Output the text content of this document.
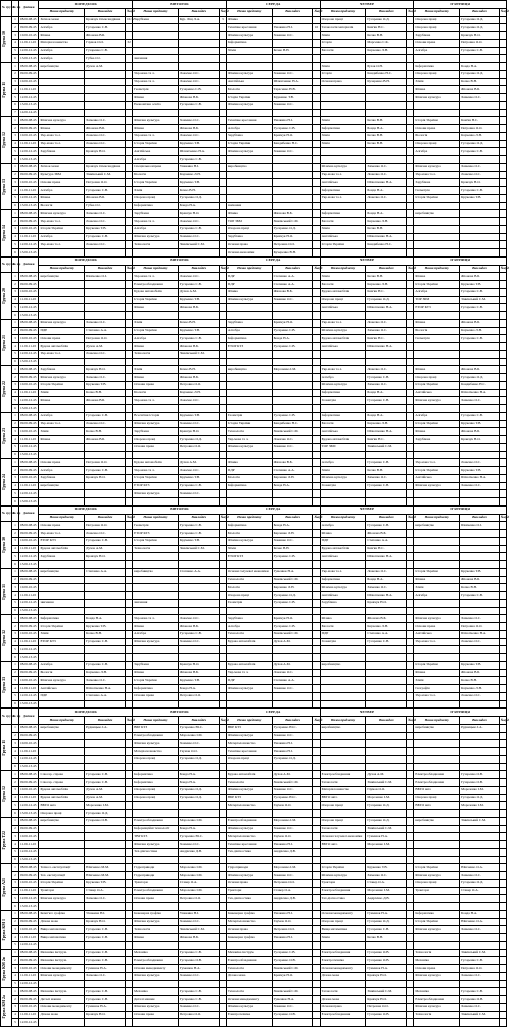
№ групи	№ пр	Дзвінки	ПОНЕДІЛОК			ВІВТОРОК			СЕРЕДА			ЧЕТВЕР			П'ЯТНИЦЯ		
			Назва предмету	Викладач	№ауд	Назва предмету	Викладач	№ауд	Назва предмету	Викладач	№ауд	Назва предмету	Викладач	№ауд	Назва предмету	Викладач	№ауд

Група 10	1	08.00-08.45	Зв'язок мови	Кравчук Олександрівна	10.32	Зарубіжна	Кур. Ліщ Л.А.	3	Фізика			Охорона праці	Гусаренко О.Д.		Охорона праці	Гусаренко О.Д.	
	2	09.00-09.45	Алгебра	Гусаренко С.В.					Технічне креслення	Ушакина Н.І.	10	Технологія матеріалів	Кам'ян Н.С.		Охорона праці	Гусаренко О.Д.	
	3	10.00-10.45	Фізика	Жіонова В.Б.					Фізична культура	Хаменко О.С.		Хімія	Кочко В.Н.		Зарубіжна	Кравчук Н.О.	
	4	11.00-11.45	Матеріалознавство	Гаумов О.О.	32				Інформатика			Історія	Марсенко С.К.		Основи права	Петровна О.О.	
	5	12.00-12.45	Алгебра	Гузаренко С.В.					Хімія	Кочко В.Н.		Біологія	Карченко Л.Н.		Алгебра	Гусаренко С.В.	
	6	13.00-13.45	Алгебра	Губка О.І.		звичання											

Група 11	1	08.00-08.45	виробництво	Духов А.М.								Хімія	Бузак О.Н.		Інформатика	Бонда Н.А.	
	2	09.00-09.45				Укр.мова та л.	Ложечко О.С.		Фізична культура	Хаменко О.С.		Історія	Кандибенко Н.С.		Охорона праці	Гусаренко О.Д.	
	3	10.00-10.45				Укр.мова та л.	Ложечко О.С.		Англійська	Шлюпченко Н.А.		Основи права	Кучеренко В.Н.		Хімія	Кочко В.Н.	
	4	11.00-11.45				Геометрія	Гузаренко С.В.		Біологія	Тарасенко Н.В.					Фізика	Жіонова В.Б.	
	5	12.00-12.45				Фізика	Жіонова В.Б.		Історія України	Крукенко Т.В.					Фізична культура	Хаменко О.С.	
	6	13.00-13.45				Економічна освіта	Гусаренко С.В.		Фізична культура	Хаменко О.С.							
	7	14.00-14.45															

Група 12	1	08.00-08.45	Фізична культура	Хаменко О.С.		Фізична культура	Хаменко О.С.		Технічне креслення	Ушакина Н.І.		Хімія	Кочко В.Н.		Історія України	Кам'ян Н.С.	
	2	09.00-09.45	Фізика	Жіонова В.Б.		Фізика	Жіонова В.Б.		Алгебра	Гусаренко С.В.		Інформатика	Бонда Н.А.		Основи права	Петровна О.О.	
	3	10.00-10.45	Укр.мова та л.	Ложечко О.С.		Укр.мова та л.	Ложечко О.С.		Зарубіжна	Кравчук Н.О.		Хімія	Кочко В.Н.		Біологія	Карченко Л.Н.	
	4	11.00-11.45	Укр.мова та л.	Ложечко О.С.		Історія України	Крукенко Т.В.		Історія України	Кандибенко Н.С.		Хімія	Кочко В.Н.		Охорона праці	Гусаренко О.Д.	
	5	12.00-12.45	Зарубіжна	Кравчук Н.О.		Англійська	Шлюпченко Н.А.		Фізична культура	Хаменко О.С.					Алгебра	Гусаренко С.В.	
	6	13.00-13.45				Алгебра	Гусаренко С.В.										

Група 13	1	08.00-08.45	Зв'язок мови	Кравчук Олександрівна		Спеціальна вправа	Ушакина Н.І.		виробництво			Фізична культура	Хаменко О.С.		Фізична культура	Хаменко О.С.	
	2	09.00-09.45	Культура ЗБМ	Зінківський С.М.		Біологія	Карченко Л.Н.					Укр.мова та л.	Ложечко О.С.		Укр.мова та л.	Ложечко О.С.	
	3	10.00-10.45	Основи права	Петровна О.О.		Історія України	Крукенко Т.В.					Англійська	Шлюпченко Н.А.		Зарубіжна	Кравчук Н.О.	
	4	11.00-11.45	Алгебра	Гусаренко С.В.		Хімія	Кочко В.Н.					Інформатика	Бонда Н.А.		Геометрія	Гусаренко С.В.	
	5	12.00-12.45	Фізика	Жіонова В.Б.		Охорона праці	Гусаренко О.Д.					Укр.мова та л.	Ложечко О.С.		Історія України	Крукенко Т.В.	
	6	13.00-13.45	Біологія	Губка О.І.		Інформатика	Бонда Н.А.		звичання								

Група 14	1	08.00-08.45	Фізична культура	Хаменко О.С.		Зарубіжна	Кравчук Н.О.		Фізика	Жіонова В.Б.		Інформатика	Бонда Н.А.		виробництво		
	2	09.00-09.45	Укр.мова та л.	Ложечко О.С.		Укр.мова та л.	Ложечко О.С.		ТОР ЗБМ	Зінківський С.М.		Біологія	Карченко Л.Н.				
	3	10.00-10.45	Історія України	Крукенко Т.В.		Алгебра	Гусаренко С.В.		Охорона праці	Гусаренко О.Д.		Хімія	Кочко В.Н.				
	4	11.00-11.45	Алгебра	Гусаренко С.В.		Фізична культура	Хаменко О.С.		Зарубіжна	Кравчук Н.О.		Англійська	Шлюпченко Н.А.				
	5	12.00-12.45	Укр.мова та л.	Ложечко О.С.		Технологія	Зінківський С.М.		Основи права	Петровна О.О.		Історія України	Кандибенко Н.С.				
	6	13.00-13.45							Основи економіки	Кучеренко В.Н.							
№ групи	№ пр	Дзвінки	ПОНЕДІЛОК			ВІВТОРОК			СЕРЕДА			ЧЕТВЕР			П'ЯТНИЦЯ		
			Назва предмету	Викладач	№ауд	Назва предмету	Викладач	№ауд	Назва предмету	Викладач	№ауд	Назва предмету	Викладач	№ауд	Назва предмету	Викладач	№ауд

Група 20	1	08.00-08.45	виробництво	Шевченко О.І.		Укр.мова та л.	Ложечко О.С.		ПДР	Степанко А.А.		Хімія	Кочко В.Н.		Фізика	Жіонова В.Б.	
	2	09.00-09.45				Електрообладнання	Гусаренко С.В.		ПДР	Степанко А.А.		Біологія	Карченко Л.Н.		Історія України	Крукенко Т.В.	
	3	10.00-10.45				Будова автомобілів	Духов А.М.		Фізика	Жіонова В.Б.		Будова автомобілів	Кам'ян Н.С.		Алгебра	Гусаренко С.В.	
	4	11.00-11.45				Історія України	Крукенко Т.В.		Фізична культура	Хаменко О.С.		Охорона праці	Гусаренко О.Д.		ТОР ЗБМ	Зінківський С.М.	
	5	12.00-12.45				Фізика	Жіонова В.Б.					Англійська	Шлюпченко Н.А.		ЕТОР КТЗ	Гусаренко С.В.	
	6	13.00-13.45															

Група 21	1	08.00-08.45	Фізична культура	Хаменко О.С.		Хімія	Кочко В.Н.		Зарубіжна	Кравчук Н.О.		Укр.мова та л.	Ложечко О.С.		Фізика	Жіонова В.Б.	
	2	09.00-09.45	ПДР	Степанко А.А.		Історія України	Крукенко Т.В.		Алгебра	Гусаренко С.В.		Фізична культура	Хаменко О.С.		Біологія	Карченко Л.Н.	
	3	10.00-10.45	Основи права	Петровна О.О.		Алгебра	Гусаренко С.В.		Інформатика	Бонда Н.А.		Будова автомобілів	Кам'ян Н.С.		Геометрія	Гусаренко С.В.	
	4	11.00-11.45	Будова автомобілів	Духов А.М.		Фізика	Жіонова В.Б.		ЕТОР КТЗ	Гусаренко С.В.		Англійська	Шлюпченко Н.А.				
	5	12.00-12.45	Укр.мова та л.	Ложечко О.С.		Технологія	Зінківський С.М.										
	6	13.00-13.45															

Група 22	1	08.00-08.45	Зарубіжна	Кравчук Н.О.		Хімія	Кочко В.Н.		виробництво	Морозенко І.М.		Укр.мова та л.	Ложечко О.С.		Фізика	Жіонова В.Б.	
	2	09.00-09.45	Фізична культура	Хаменко О.С.		Фізика	Жіонова В.Б.					Алгебра	Гусаренко С.В.		Охорона праці	Гусаренко О.Д.	
	3	10.00-10.45	Історія України	Крукенко Т.В.		Основи права	Петровна О.О.					Фізична культура	Хаменко О.С.		Історія України	Кандибенко Н.С.	
	4	11.00-11.45	Хімія	Кочко В.Н.		Біологія	Карченко Л.Н.					Інформатика	Бонда Н.А.		Англійська	Шлюпченко Н.А.	
	5	12.00-12.45	Фізика	Жіонова В.Б.		Укр.мова та л.	Ложечко О.С.					Геометрія	Гусаренко С.В.		Фізична культура	Хаменко О.С.	
	6	13.00-13.45															

Група 23	1	08.00-08.45	Алгебра	Гусаренко С.В.		Всесвітня історія	Крукенко Т.В.		Геометрія	Гусаренко С.В.		Інформатика	Бонда Н.А.		Алгебра	Гусаренко С.В.	
	2	09.00-09.45	Укр.мова та л.	Ложечко О.С.		Фізична культура	Хаменко О.С.		Історія України	Кандибенко Н.С.		Біологія	Карченко Л.Н.		Історія України	Крукенко Т.В.	
	3	10.00-10.45	Хімія	Кочко В.Н.		Зарубіжна	Кравчук Н.О.		Технологія	Зінківський С.М.		Англійська	Шлюпченко Н.А.		Фізика	Жіонова В.Б.	
	4	11.00-11.45	Фізика	Жіонова В.Б.		Охорона праці	Гусаренко О.Д.		Укр.мова та л.	Ложечко О.С.		Будова автомобілів	Кам'ян Н.С.		Зарубіжна	Кравчук Н.О.	
	5	12.00-12.45				Основи права	Петровна О.О.		Фізична культура	Хаменко О.С.		ТОР ЗБМ	Зінківський С.М.				
	6	13.00-13.45															

Група 24	1	08.00-08.45	Основи права	Петровна О.О.		Будова автомобілів	Духов А.М.		Фізика	Жіонова В.Б.		Алгебра	Гусаренко С.В.		Укр.мова та л.	Ложечко О.С.	
	2	09.00-09.45	Алгебра	Гусаренко С.В.		Укр.мова та л.	Ложечко О.С.		ПДР	Степанко А.А.		Хімія	Кочко В.Н.		Історія України	Крукенко Т.В.	
	3	10.00-10.45	Зарубіжна	Кравчук Н.О.		Історія України	Крукенко Т.В.		Біологія	Карченко Л.Н.		Фізична культура	Хаменко О.С.		Англійська	Шлюпченко Н.А.	
	4	11.00-11.45	виробництво			ЕТОР КТЗ	Гусаренко С.В.		Інформатика	Бонда Н.А.		Геометрія	Гусаренко С.В.		Фізична культура	Хаменко О.С.	
	5	12.00-12.45				Фізична культура	Хаменко О.С.										
	6	13.00-13.45															
№ групи	№ пр	Дзвінки	ПОНЕДІЛОК			ВІВТОРОК			СЕРЕДА			ЧЕТВЕР			П'ЯТНИЦЯ		
			Назва предмету	Викладач	№ауд	Назва предмету	Викладач	№ауд	Назва предмету	Викладач	№ауд	Назва предмету	Викладач	№ауд	Назва предмету	Викладач	№ауд

Група 30	1	08.00-08.45	Основи права	Петровна О.О.		Геометрія	Гусаренко С.В.		Інформатика	Бонда Н.А.		Алгебра	Гусаренко С.В.		виробництво	Шевченко О.І.	
	2	09.00-09.45	Укр.мова та л.	Ложечко О.С.		ЕТОР КТЗ	Гусаренко С.В.		Біологія	Карченко Л.Н.		Фізика	Жіонова В.Б.				
	3	10.00-10.45	ЕТОР КТЗ	Гусаренко С.В.		Історія України	Крукенко Т.В.		Фізична культура	Хаменко О.С.		ПДР	Степанко А.А.				
	4	11.00-11.45	Будова автомобілів	Духов А.М.		Технологія	Зінківський С.М.		Хімія	Кочко В.Н.		Будова автомобілів	Кам'ян Н.С.				
	5	12.00-12.45	Зарубіжна	Кравчук Н.О.					ЕТОР КТЗ	Гусаренко С.В.		Англійська	Шлюпченко Н.А.				
	6	13.00-13.45															

Група 31	1	08.00-08.45	виробництво	Степанко А.А.		виробництво	Степанко А.А.		Основи галузевої економіки	Гуменюк Н.А.		Укр.мова та л.	Ложечко О.С.		Історія України	Крукенко Т.В.	
	2	09.00-09.45							Технологія	Зінківський С.М.		Інформатика	Бонда Н.А.		Фізика	Жіонова В.Б.	
	3	10.00-10.45							Біологія	Карченко Л.Н.		Фізична культура	Хаменко О.С.		Хімія	Кочко В.Н.	
	4	11.00-11.45							Охорона праці	Гусаренко О.Д.		Англійська	Шлюпченко Н.А.		Алгебра	Гусаренко С.В.	
	5	12.00-12.45	звичання			звичання			Геометрія	Гусаренко С.В.		Зарубіжна	Кравчук Н.О.				
	6	13.00-13.45															

Група 32	1	08.00-08.45	Інформатика	Бонда Н.А.		Укр.мова та л.	Ложечко О.С.		Зарубіжна	Кравчук Н.О.		Фізика	Жіонова В.Б.		Фізична культура	Хаменко О.С.	
	2	09.00-09.45	Історія України	Крукенко Т.В.		Фізика	Жіонова В.Б.		Алгебра	Гусаренко С.В.		Біологія	Карченко Л.Н.		Основи права	Петровна О.О.	
	3	10.00-10.45	Хімія	Кочко В.Н.		Алгебра	Гусаренко С.В.		Технологія	Зінківський С.М.		ПДР	Степанко А.А.		Англійська	Шлюпченко Н.А.	
	4	11.00-11.45	ЕТОР КТЗ	Гусаренко С.В.		Фізична культура	Хаменко О.С.		Будова автомобілів	Духов А.М.		Геометрія	Гусаренко С.В.		Укр.мова та л.	Ложечко О.С.	
	5	12.00-12.45															
	6	13.00-13.45															

Група 33	1	08.00-08.45	Алгебра	Гусаренко С.В.		Зарубіжна	Кравчук Н.О.		Будова автомобілів	Духов А.М.		виробництво			Історія України	Крукенко Т.В.	
	2	09.00-09.45	Біологія	Карченко Л.Н.		Фізика	Жіонова В.Б.		Укр.мова та л.	Ложечко О.С.					Фізика	Жіонова В.Б.	
	3	10.00-10.45	Фізична культура	Хаменко О.С.		Історія України	Крукенко Т.В.		ПДР	Степанко А.А.					Хімія	Кочко В.Н.	
	4	11.00-11.45	Англійська	Шлюпченко Н.А.		Інформатика	Бонда Н.А.		Фізична культура	Хаменко О.С.					Географія	Карченко Л.Н.	
	5	12.00-12.45	ПДР	Степанко А.А.		Основи права	Петровна О.О.								Укр.мова та л.	Ложечко О.С.	
	6	13.00-13.45															
№ групи	№ пр	Дзвінки	ПОНЕДІЛОК			ВІВТОРОК			СЕРЕДА			ЧЕТВЕР			П'ЯТНИЦЯ		
			Назва предмету	Викладач	№ауд	Назва предмету	Викладач	№ауд	Назва предмету	Викладач	№ауд	Назва предмету	Викладач	№ауд	Назва предмету	Викладач	№ауд

Група 11	1	08.00-08.45	виробництво	Рудницько І.А.		ВБР КТЗ	Гусаренко Ю.С.		ВБР КТЗ	Гусаренко Ю.С.		виробництво			виробництво	Рудницько І.А.	
	2	09.00-09.45				Електрообладнання	Морозенко І.М.		Фізична культура	Хаменко О.С.							
	3	10.00-10.45				Фізична культура	Хаменко О.С.		Матеріалознавство	Ушакина Н.І.							
	4	11.00-11.45				Матеріалознавство	Гаумов О.О.		Технічне креслення	Ушакина Н.І.							
	5	12.00-12.45				Охорона праці	Гусаренко О.Д.		Охорона праці	Гусаренко О.Д.							
	6	13.00-13.45															

Група 12	1	08.00-08.45	Слюсар. справа	Гусаренко С.В.		Інформатика	Бонда Н.А.		Будова автомобілів	Духов А.М.		Електрообладнання	Духов А.М.		Електрообладнання	Гузаренко О.В.	
	2	09.00-09.45	Слюсар. справа	Гусаренко С.В.		Інформатика	Бонда Н.А.		Технологія	Зінківський С.М.		Технологія	Зінківський С.М.		Електрообладнання	Гузаренко О.В.	
	3	10.00-10.45	Будова автомобілів	Духов А.М.		Охорона праці	Гусаренко О.Д.		Фізична культура	Хаменко О.С.		Матеріалознавство	Гаумов О.О.		ВБТО авто	Морозенко І.М.	
	4	11.00-11.45	Будова автомобілів	Духов А.М.		Охорона праці	Гусаренко О.Д.		ВБР КТЗ	Гусаренко Ю.С.		ВБТО авто	Морозенко І.М.		Охорона праці	Гусаренко О.Д.	
	5	12.00-12.45	ВБТО авто	Морозенко І.М.					Матеріалознавство	Гаумов О.О.		Охорона праці	Гусаренко О.Д.		ВБТО авто	Морозенко І.М.	
	6	13.00-13.45	Охорона праці	Гусаренко О.Д.													

Група Т22	1	08.00-08.45	виробництво	Гузаренко О.В.		Електрообладнання	Морозенко І.М.		Електрообладнання	Морозенко І.М.		Охорона праці	Гусаренко О.Д.		виробництво	Зінківський С.М.	
	2	09.00-09.45				Інформаційні технології	Бонда Н.А.		Фізична культура	Хаменко О.С.		Технологія	Зінківський С.М.				
	3	10.00-10.45				ТВР КТЗ	Гусаренко Ю.С.		Матеріалознавство	Гаумов О.О.		Основи галузевої економіки	Гуменюк Н.А.				
	4	11.00-11.45				Фізична культура	Хаменко О.С.		Технічне креслення	Ушакина Н.І.		ВБТО авто	Морозенко І.М.				
	5	12.00-12.45				Тех.діагностика	Андрієнко Д.В.		Тех.діагностика	Андрієнко Д.В.							
	6	13.00-13.45															

Група А21	1	08.00-08.45	Технол. експлуатації	Юшченко М.М.		Гідроприводи	Морозенко І.М.		Гідроприводи	Морозенко І.М.		Історія України	Крукенко Т.В.		Історія України	Юшченко О.А.	
	2	09.00-09.45	Тех. експлуатації	Юшченко М.М.		Гідроприводи	Морозенко І.М.		Фізична культура	Хаменко О.С.		Фізична культура	Хаменко О.С.		Фізична культура	Хаменко О.С.	
	3	10.00-10.45	Історія України	Крукенко Т.В.		Трактори	Ставер О.А.		Основи права	Петровна О.О.		Трактори	Ставер О.А.		Охорона праці	Гусаренко О.Д.	
	4	11.00-11.45	Трактори	Ставер О.А.		Електрообладнання	Морозенко І.М.		Трактори	Ставер О.А.		Електрообладнання	Морозенко І.М.		Трактори	Ставер О.А.	
	5	12.00-12.45	Фізична культура	Хаменко О.С.		Основи права	Петровна О.О.		Тех.діагностика	Андрієнко Д.В.		Тех.діагностика	Андрієнко Д.В.				
	6	13.00-13.45															

Група КМ 1	1	08.00-08.45	Комп'ют. графіка	Ушакина Н.І.		Інженерна графіка	Ушакина Н.І.		Інженерна графіка	Ушакина Н.І.		Основи менеджменту	Гуменюк Н.А.		Інформатика	Бонда Н.А.	
	2	09.00-09.45	Ділова мова	Кравчук Н.О.		Фізична культура	Хаменко О.С.		Матеріалознавство	Гаумов О.О.		Охорона праці	Гусаренко О.Д.		Історія України	Юшченко О.А.	
	3	10.00-10.45	Вища математика	Гусаренко С.В.		Технологія	Зінківський С.М.		Основи права	Петровна О.О.		Вища математика	Гусаренко С.В.		Фізична культура	Хаменко О.С.	
	4	11.00-11.45	Вища математика	Гусаренко С.В.		Фізика	Жіонова В.Б.		Інженерна графіка	Ушакина Н.І.		Хімія	Кочко В.Н.				
	5	12.00-12.45															

Група КМ 2в	1	08.00-08.45	Механіка інструм.	Гусаренко С.В.		Механіка	Гусаренко С.В.		Механіка інструм.	Гусаренко С.В.		Електрообладнання	Гусаренко О.В.		Технологія	Зінківський С.М.	
	2	09.00-09.45	Механіка інструм.	Гусаренко С.В.		Електрообладнання	Гусаренко О.В.		Електрообладнання	Гусаренко О.В.		Електротехніка	Гусаренко О.В.		Механіка	Гусаренко С.В.	
	3	10.00-10.45	Основи менеджменту	Гуменюк Н.А.		Основи менеджменту	Гуменюк Н.А.		Технологія	Зінківський С.М.		Основи менеджменту	Гуменюк Н.А.		Основи права	Петровна О.О.	
	4	11.00-11.45	Фізична культура	Хаменко О.С.		Фізична культура	Хаменко О.С.		Ділова мова	Кравчук Н.О.		Ділова мова	Кравчук Н.О.		Фізична культура	Хаменко О.С.	
	5	12.00-12.45															

Група КМ 2а	1	08.00-08.45	Механіка інструм.	Гусаренко С.В.		Механіка	Гусаренко С.В.		Технологія	Зінківський С.М.		Технологія	Зінківський С.М.		Механіка	Гусаренко С.В.	
	2	09.00-09.45	Деталі машин	Гусаренко С.В.		Деталі машин	Гусаренко С.В.		Основи менеджменту	Гуменюк Н.А.		Ділова мова	Кравчук Н.О.		Електрообладнання	Гусаренко О.В.	
	3	10.00-10.45	Основи менеджменту	Гуменюк Н.А.		Фізична культура	Хаменко О.С.		Фізична культура	Хаменко О.С.		Основи права	Петровна О.О.		Фізична культура	Хаменко О.С.	
	4	11.00-11.45	Ділова мова	Кравчук Н.О.		Основи права	Петровна О.О.		Електротехніка	Гусаренко О.В.		Електрообладнання	Гусаренко О.В.		Технологія	Зінківський С.М.	
	5	12.00-12.45															
